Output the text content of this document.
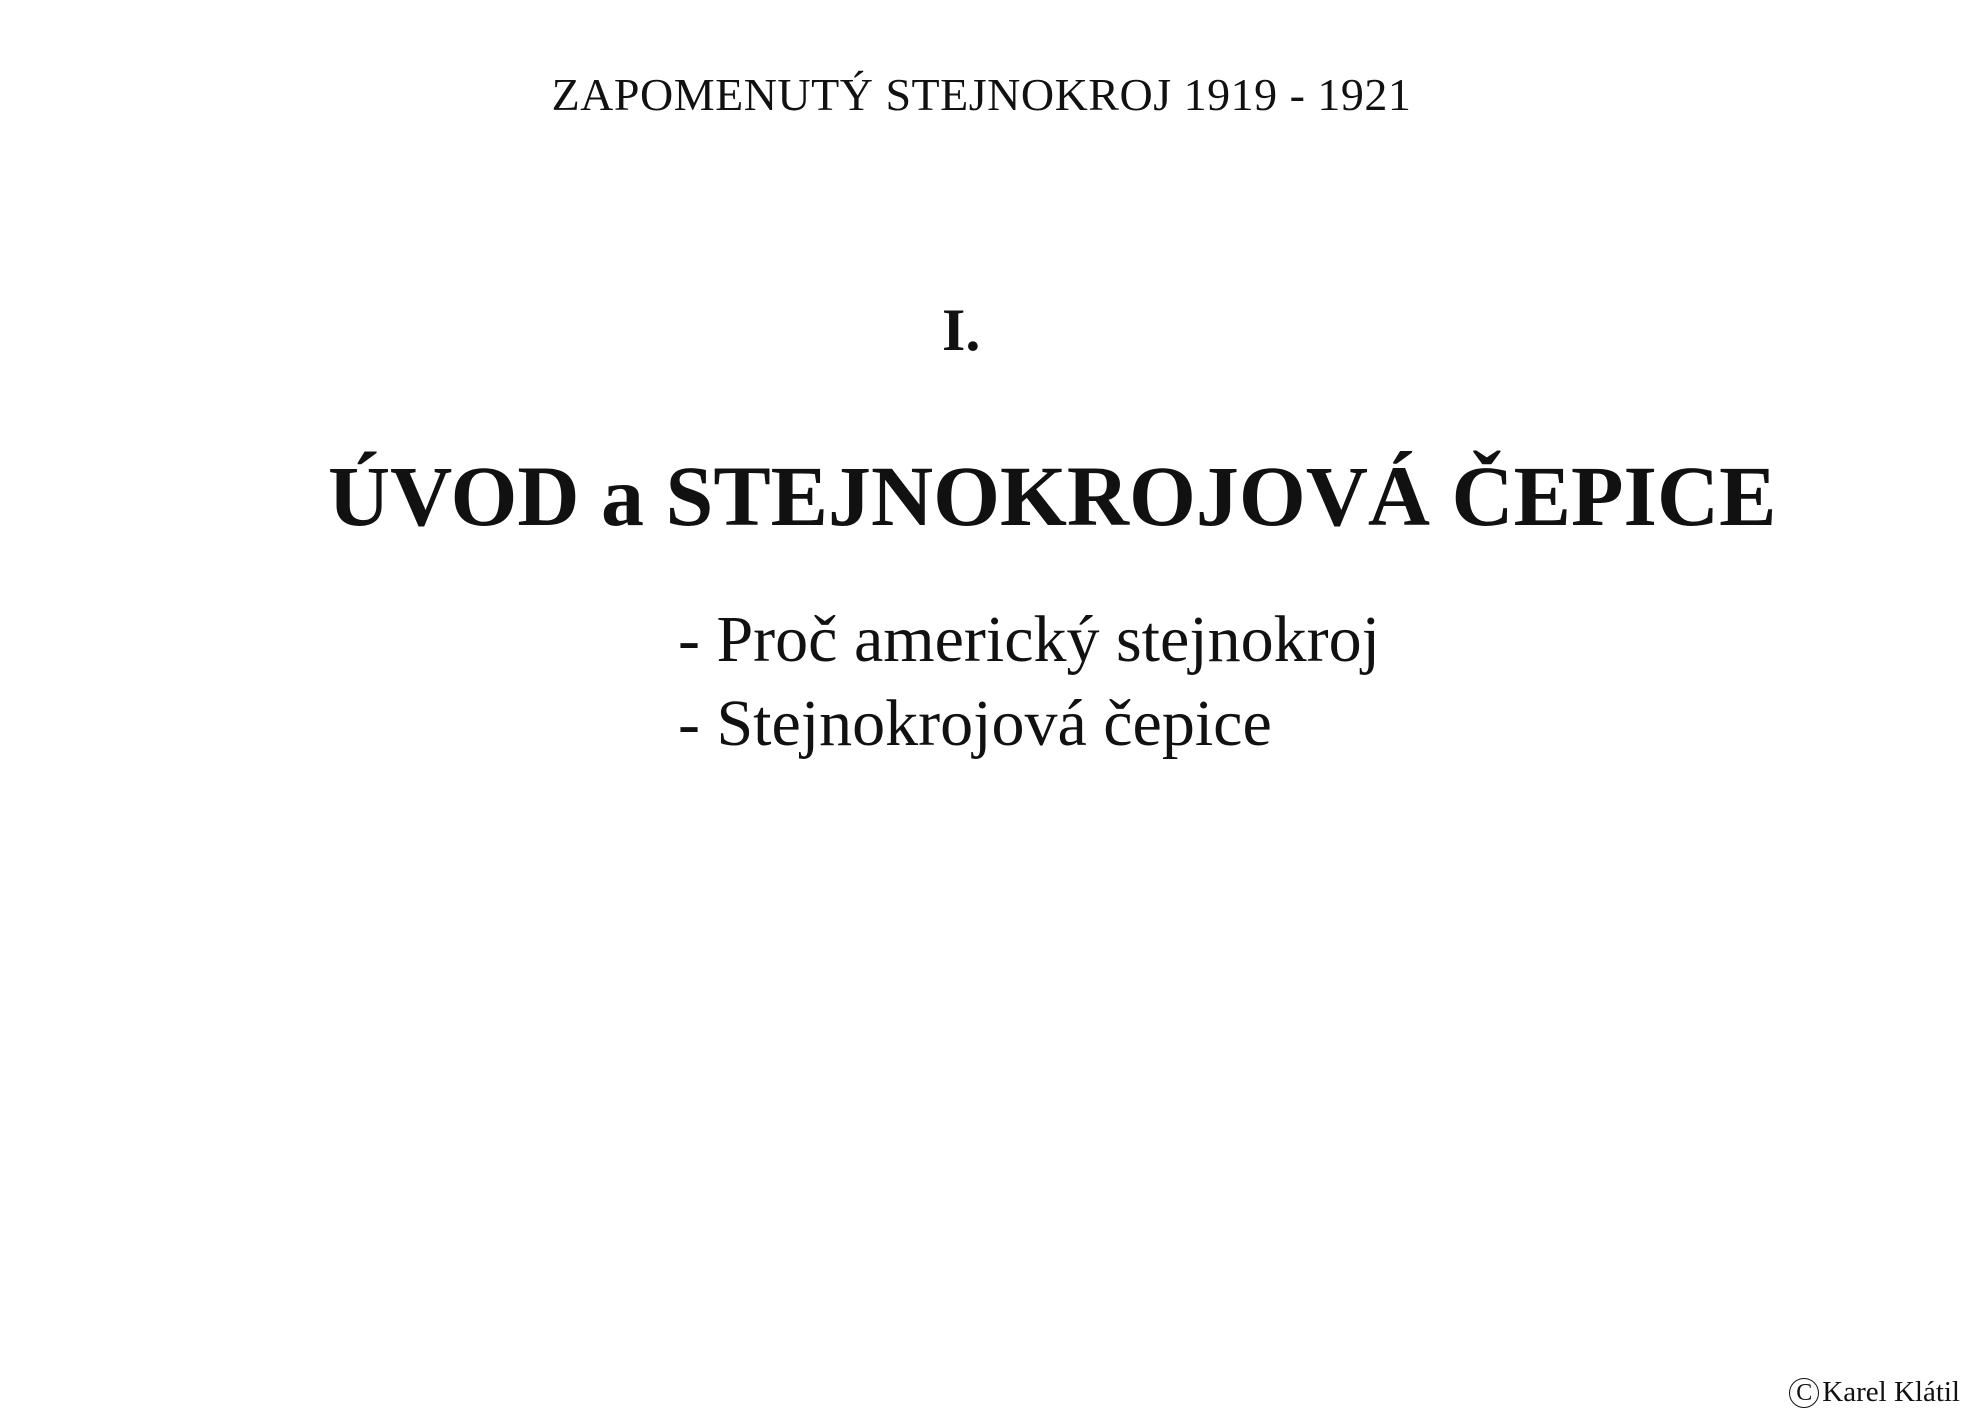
ZAPOMENUTÝ STEJNOKROJ 1919 - 1921
I.
ÚVOD a STEJNOKROJOVÁ ČEPICE
- Proč americký stejnokroj
- Stejnokrojová čepice
C Karel Klátil
